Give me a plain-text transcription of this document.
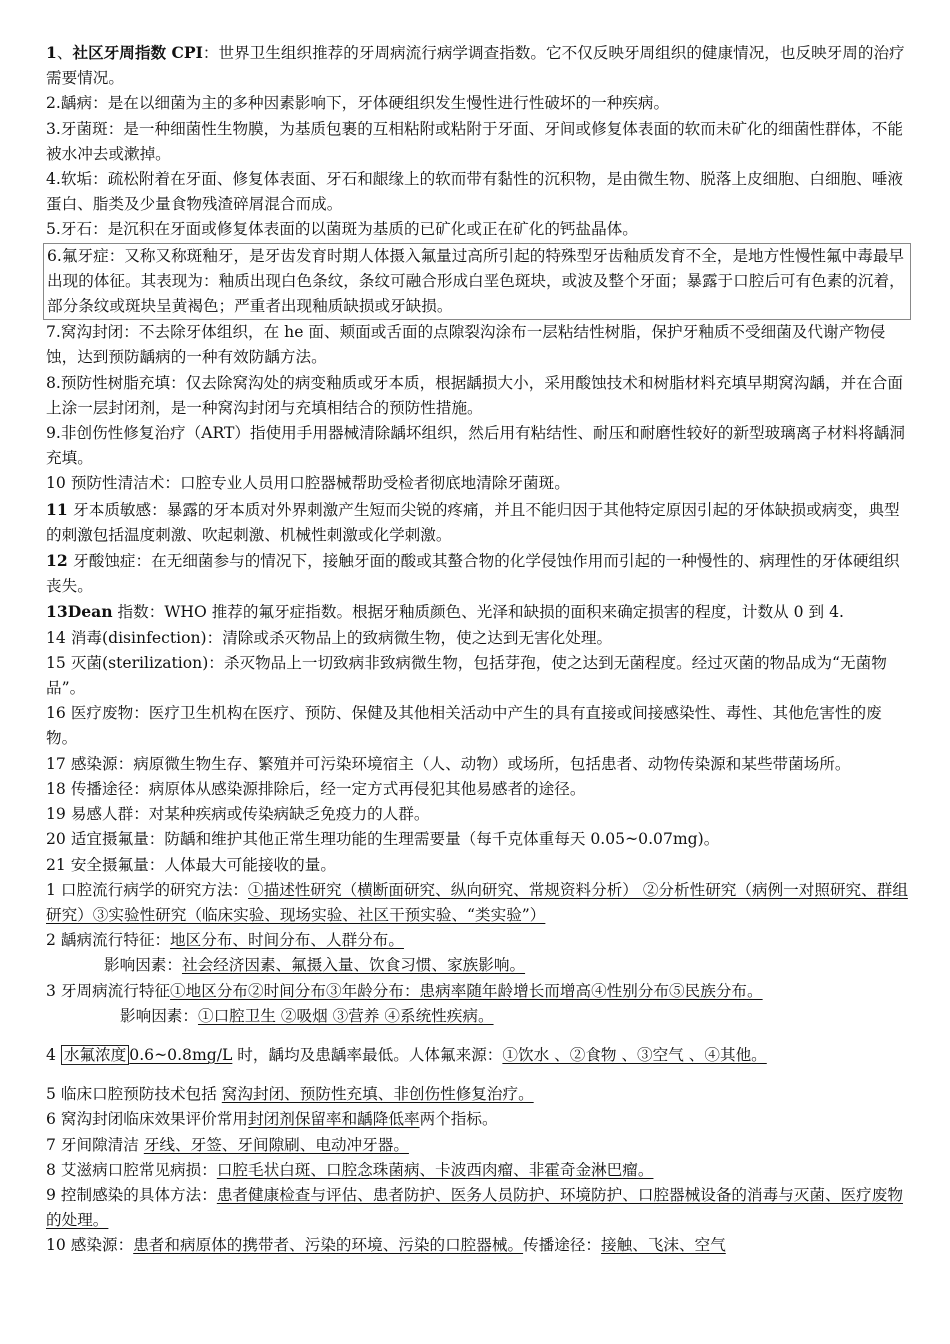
1、社区牙周指数 CPI：世界卫生组织推荐的牙周病流行病学调查指数。它不仅反映牙周组织的健康情况，也反映牙周的治疗需要情况。

2.龋病：是在以细菌为主的多种因素影响下，牙体硬组织发生慢性进行性破坏的一种疾病。

3.牙菌斑：是一种细菌性生物膜，为基质包裹的互相粘附或粘附于牙面、牙间或修复体表面的软而未矿化的细菌性群体，不能被水冲去或漱掉。

4.软垢：疏松附着在牙面、修复体表面、牙石和龈缘上的软而带有黏性的沉积物，是由微生物、脱落上皮细胞、白细胞、唾液蛋白、脂类及少量食物残渣碎屑混合而成。

5.牙石：是沉积在牙面或修复体表面的以菌斑为基质的已矿化或正在矿化的钙盐晶体。

6.氟牙症：又称又称斑釉牙，是牙齿发育时期人体摄入氟量过高所引起的特殊型牙齿釉质发育不全，是地方性慢性氟中毒最早出现的体征。其表现为：釉质出现白色条纹，条纹可融合形成白垩色斑块，或波及整个牙面；暴露于口腔后可有色素的沉着，部分条纹或斑块呈黄褐色；严重者出现釉质缺损或牙缺损。

7.窝沟封闭：不去除牙体组织，在 he 面、颊面或舌面的点隙裂沟涂布一层粘结性树脂，保护牙釉质不受细菌及代谢产物侵蚀，达到预防龋病的一种有效防龋方法。

8.预防性树脂充填：仅去除窝沟处的病变釉质或牙本质，根据龋损大小，采用酸蚀技术和树脂材料充填早期窝沟龋，并在合面上涂一层封闭剂，是一种窝沟封闭与充填相结合的预防性措施。

9.非创伤性修复治疗（ART）指使用手用器械清除龋坏组织，然后用有粘结性、耐压和耐磨性较好的新型玻璃离子材料将龋洞充填。

10 预防性清洁术：口腔专业人员用口腔器械帮助受检者彻底地清除牙菌斑。

11 牙本质敏感：暴露的牙本质对外界刺激产生短而尖锐的疼痛，并且不能归因于其他特定原因引起的牙体缺损或病变，典型的刺激包括温度刺激、吹起刺激、机械性刺激或化学刺激。

12 牙酸蚀症：在无细菌参与的情况下，接触牙面的酸或其螯合物的化学侵蚀作用而引起的一种慢性的、病理性的牙体硬组织丧失。

13Dean 指数：WHO 推荐的氟牙症指数。根据牙釉质颜色、光泽和缺损的面积来确定损害的程度，计数从 0 到 4.

14 消毒(disinfection)：清除或杀灭物品上的致病微生物，使之达到无害化处理。

15 灭菌(sterilization)：杀灭物品上一切致病非致病微生物，包括芽孢，使之达到无菌程度。经过灭菌的物品成为“无菌物品”。

16 医疗废物：医疗卫生机构在医疗、预防、保健及其他相关活动中产生的具有直接或间接感染性、毒性、其他危害性的废物。

17 感染源：病原微生物生存、繁殖并可污染环境宿主（人、动物）或场所，包括患者、动物传染源和某些带菌场所。

18 传播途径：病原体从感染源排除后，经一定方式再侵犯其他易感者的途径。

19 易感人群：对某种疾病或传染病缺乏免疫力的人群。

20 适宜摄氟量：防龋和维护其他正常生理功能的生理需要量（每千克体重每天 0.05~0.07mg)。

21 安全摄氟量：人体最大可能接收的量。

1 口腔流行病学的研究方法：①描述性研究（横断面研究、纵向研究、常规资料分析） ②分析性研究（病例一对照研究、群组研究）③实验性研究（临床实验、现场实验、社区干预实验、“类实验”）

2 龋病流行特征：地区分布、时间分布、人群分布。

影响因素：社会经济因素、氟摄入量、饮食习惯、家族影响。

3 牙周病流行特征①地区分布②时间分布③年龄分布：患病率随年龄增长而增高④性别分布⑤民族分布。

影响因素：①口腔卫生 ②吸烟 ③营养 ④系统性疾病。

4 水氟浓度 0.6~0.8mg/L 时，龋均及患龋率最低。人体氟来源：①饮水 、②食物 、③空气 、④其他。

5 临床口腔预防技术包括 窝沟封闭、预防性充填、非创伤性修复治疗。

6 窝沟封闭临床效果评价常用封闭剂保留率和龋降低率两个指标。

7 牙间隙清洁 牙线、牙签、牙间隙刷、电动冲牙器。

8 艾滋病口腔常见病损：口腔毛状白斑、口腔念珠菌病、卡波西肉瘤、非霍奇金淋巴瘤。

9 控制感染的具体方法：患者健康检查与评估、患者防护、医务人员防护、环境防护、口腔器械设备的消毒与灭菌、医疗废物的处理。

10 感染源：患者和病原体的携带者、污染的环境、污染的口腔器械。传播途径：接触、飞沫、空气
